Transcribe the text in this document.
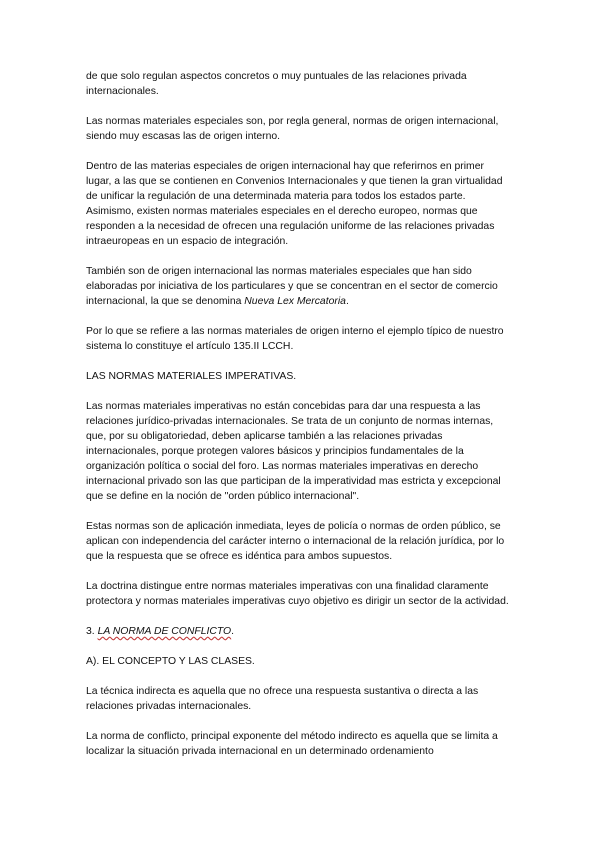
de que solo regulan aspectos concretos o muy puntuales de las relaciones privada internacionales.

Las normas materiales especiales son, por regla general, normas de origen internacional, siendo muy escasas las de origen interno.

Dentro de las materias especiales de origen internacional hay que referirnos en primer lugar, a las que se contienen en Convenios Internacionales y que tienen la gran virtualidad de unificar la regulación de una determinada materia para todos los estados parte. Asimismo, existen normas materiales especiales en el derecho europeo, normas que responden a la necesidad de ofrecen una regulación uniforme de las relaciones privadas intraeuropeas en un espacio de integración.

También son de origen internacional las normas materiales especiales que han sido elaboradas por iniciativa de los particulares y que se concentran en el sector de comercio internacional, la que se denomina Nueva Lex Mercatoria.

Por lo que se refiere a las normas materiales de origen interno el ejemplo típico de nuestro sistema lo constituye el artículo 135.II LCCH.

LAS NORMAS MATERIALES IMPERATIVAS.

Las normas materiales imperativas no están concebidas para dar una respuesta a las relaciones jurídico-privadas internacionales. Se trata de un conjunto de normas internas, que, por su obligatoriedad, deben aplicarse también a las relaciones privadas internacionales, porque protegen valores básicos y principios fundamentales de la organización política o social del foro. Las normas materiales imperativas en derecho internacional privado son las que participan de la imperatividad mas estricta y excepcional que se define en la noción de "orden público internacional".

Estas normas son de aplicación inmediata, leyes de policía o normas de orden público, se aplican con independencia del carácter interno o internacional de la relación jurídica, por lo que la respuesta que se ofrece es idéntica para ambos supuestos.

La doctrina distingue entre normas materiales imperativas con una finalidad claramente protectora y normas materiales imperativas cuyo objetivo es dirigir un sector de la actividad.

3. LA NORMA DE CONFLICTO.

A). EL CONCEPTO Y LAS CLASES.

La técnica indirecta es aquella que no ofrece una respuesta sustantiva o directa a las relaciones privadas internacionales.

La norma de conflicto, principal exponente del método indirecto es aquella que se limita a localizar la situación privada internacional en un determinado ordenamiento
